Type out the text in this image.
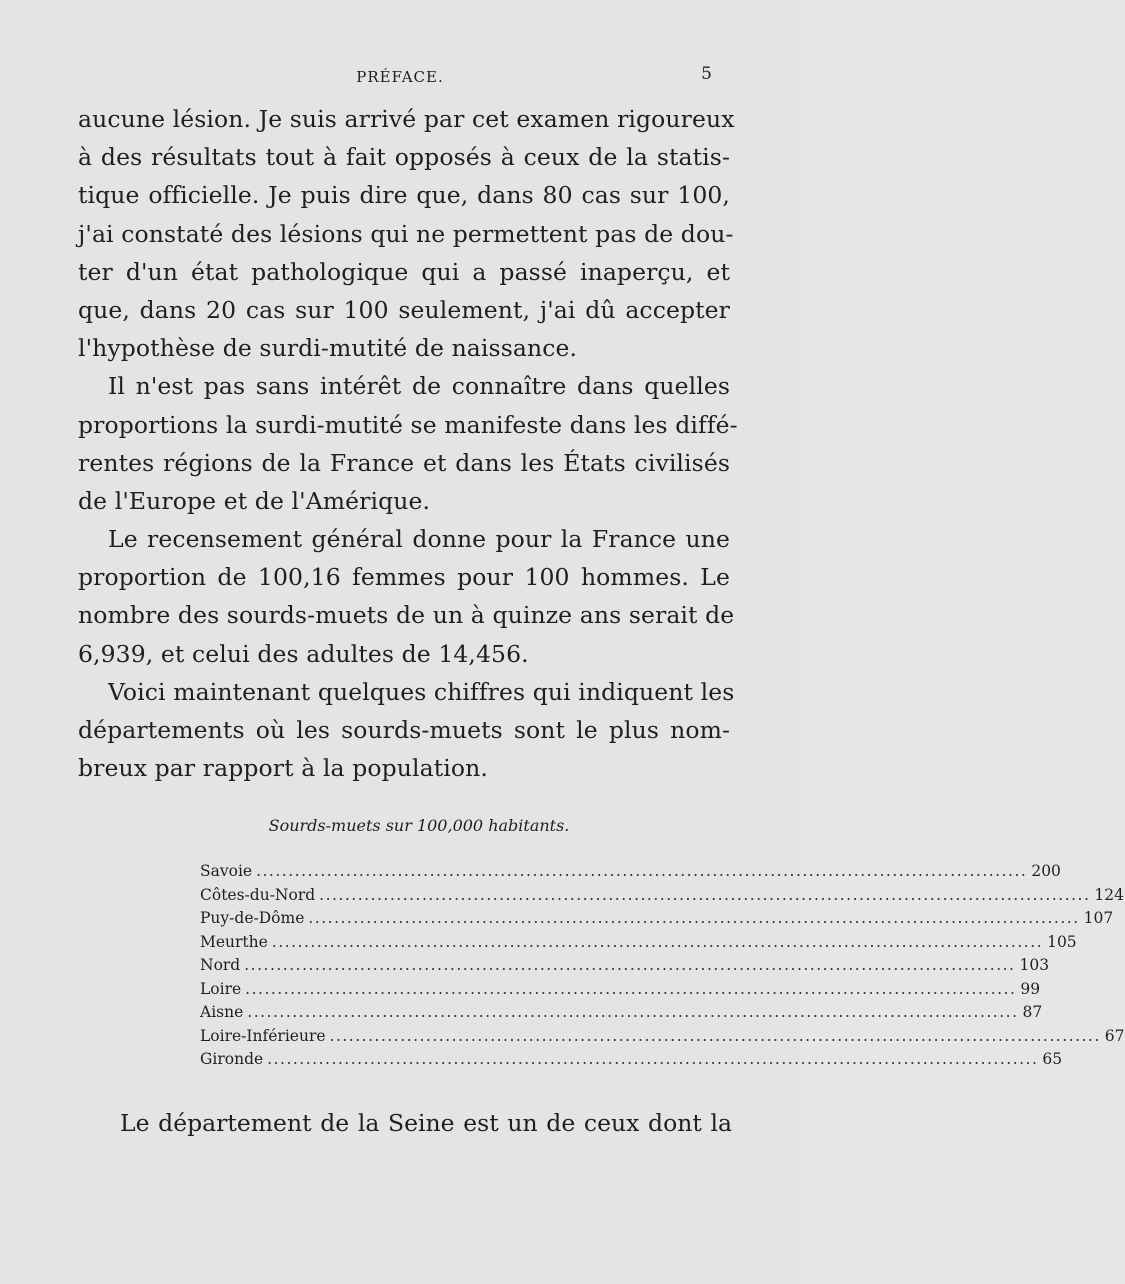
PRÉFACE.	5
aucune lésion. Je suis arrivé par cet examen rigoureux
à des résultats tout à fait opposés à ceux de la statis-
tique officielle. Je puis dire que, dans 80 cas sur 100,
j'ai constaté des lésions qui ne permettent pas de dou-
ter d'un état pathologique qui a passé inaperçu, et
que, dans 20 cas sur 100 seulement, j'ai dû accepter
l'hypothèse de surdi-mutité de naissance.
Il n'est pas sans intérêt de connaître dans quelles
proportions la surdi-mutité se manifeste dans les diffé-
rentes régions de la France et dans les États civilisés
de l'Europe et de l'Amérique.
Le recensement général donne pour la France une
proportion de 100,16 femmes pour 100 hommes. Le
nombre des sourds-muets de un à quinze ans serait de
6,939, et celui des adultes de 14,456.
Voici maintenant quelques chiffres qui indiquent les
départements où les sourds-muets sont le plus nom-
breux par rapport à la population.
Sourds-muets sur 100,000 habitants.
Savoie ........................................................................................................................ 200
Côtes-du-Nord ........................................................................................................................ 124
Puy-de-Dôme ........................................................................................................................ 107
Meurthe ........................................................................................................................ 105
Nord ........................................................................................................................ 103
Loire ........................................................................................................................ 99
Aisne ........................................................................................................................ 87
Loire-Inférieure ........................................................................................................................ 67
Gironde ........................................................................................................................ 65
Le département de la Seine est un de ceux dont la
